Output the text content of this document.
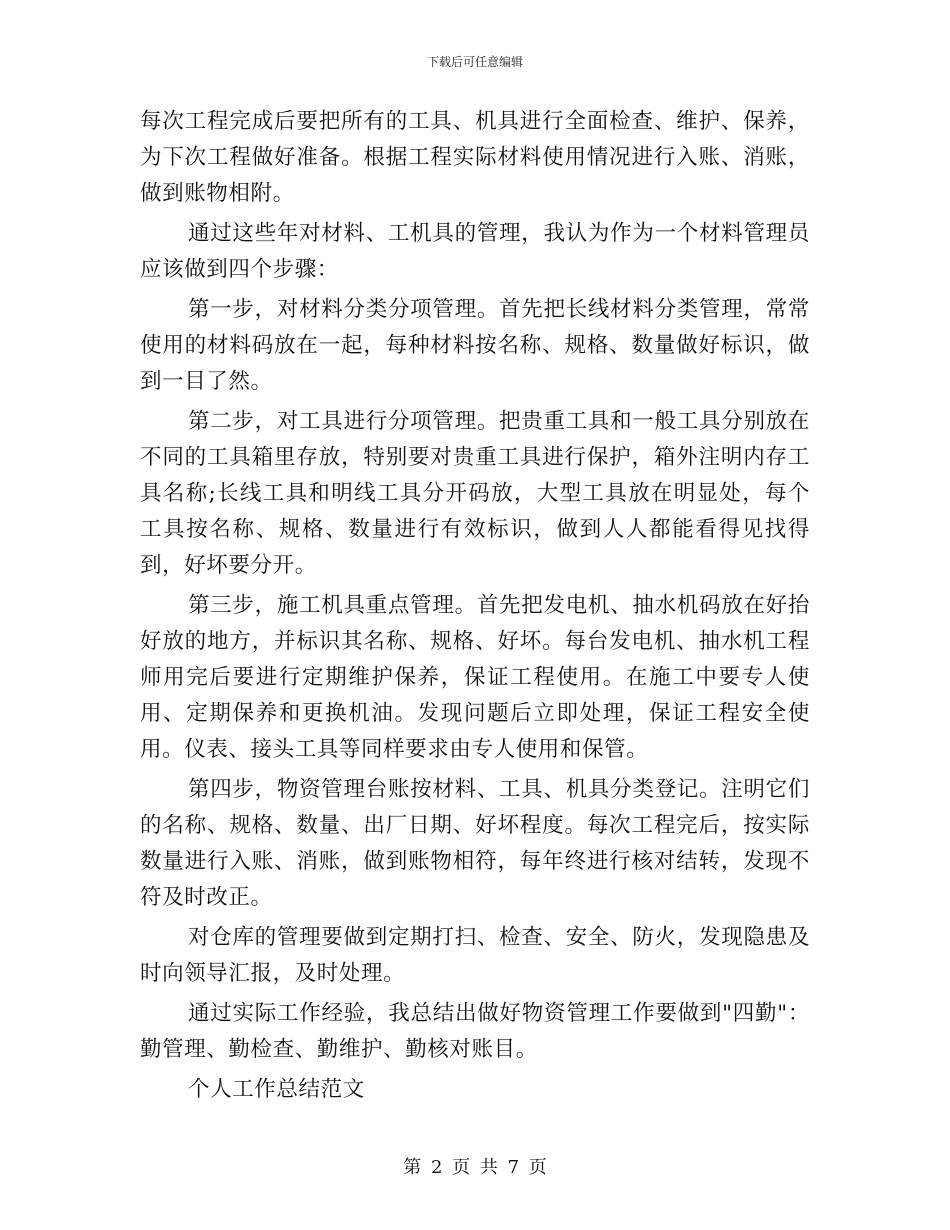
下载后可任意编辑

每次工程完成后要把所有的工具、机具进行全面检查、维护、保养，为下次工程做好准备。根据工程实际材料使用情况进行入账、消账，做到账物相附。

通过这些年对材料、工机具的管理，我认为作为一个材料管理员应该做到四个步骤：

第一步，对材料分类分项管理。首先把长线材料分类管理，常常使用的材料码放在一起，每种材料按名称、规格、数量做好标识，做到一目了然。

第二步，对工具进行分项管理。把贵重工具和一般工具分别放在不同的工具箱里存放，特别要对贵重工具进行保护，箱外注明内存工具名称;长线工具和明线工具分开码放，大型工具放在明显处，每个工具按名称、规格、数量进行有效标识，做到人人都能看得见找得到，好坏要分开。

第三步，施工机具重点管理。首先把发电机、抽水机码放在好抬好放的地方，并标识其名称、规格、好坏。每台发电机、抽水机工程师用完后要进行定期维护保养，保证工程使用。在施工中要专人使用、定期保养和更换机油。发现问题后立即处理，保证工程安全使用。仪表、接头工具等同样要求由专人使用和保管。

第四步，物资管理台账按材料、工具、机具分类登记。注明它们的名称、规格、数量、出厂日期、好坏程度。每次工程完后，按实际数量进行入账、消账，做到账物相符，每年终进行核对结转，发现不符及时改正。

对仓库的管理要做到定期打扫、检查、安全、防火，发现隐患及时向领导汇报，及时处理。

通过实际工作经验，我总结出做好物资管理工作要做到"四勤"：勤管理、勤检查、勤维护、勤核对账目。

个人工作总结范文

第 2 页 共 7 页
